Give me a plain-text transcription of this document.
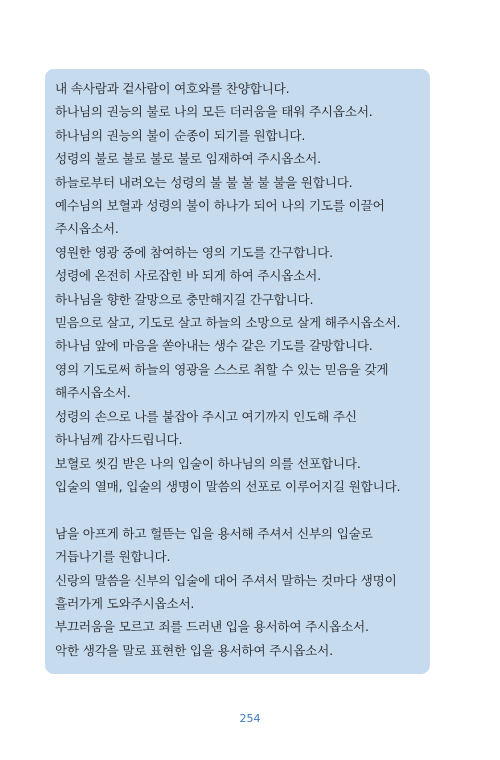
내 속사람과 겉사람이 여호와를 찬양합니다.
하나님의 권능의 불로 나의 모든 더러움을 태워 주시옵소서.
하나님의 권능의 불이 순종이 되기를 원합니다.
성령의 불로 불로 불로 불로 임재하여 주시옵소서.
하늘로부터 내려오는 성령의 불 불 불 불 불을 원합니다.
예수님의 보혈과 성령의 불이 하나가 되어 나의 기도를 이끌어
주시옵소서.
영원한 영광 중에 참여하는 영의 기도를 간구합니다.
성령에 온전히 사로잡힌 바 되게 하여 주시옵소서.
하나님을 향한 갈망으로 충만해지길 간구합니다.
믿음으로 살고, 기도로 살고 하늘의 소망으로 살게 해주시옵소서.
하나님 앞에 마음을 쏟아내는 생수 같은 기도를 갈망합니다.
영의 기도로써 하늘의 영광을 스스로 취할 수 있는 믿음을 갖게
해주시옵소서.
성령의 손으로 나를 붙잡아 주시고 여기까지 인도해 주신
하나님께 감사드립니다.
보혈로 씻김 받은 나의 입술이 하나님의 의를 선포합니다.
입술의 열매, 입술의 생명이 말씀의 선포로 이루어지길 원합니다.
남을 아프게 하고 헐뜯는 입을 용서해 주셔서 신부의 입술로
거듭나기를 원합니다.
신랑의 말씀을 신부의 입술에 대어 주셔서 말하는 것마다 생명이
흘러가게 도와주시옵소서.
부끄러움을 모르고 죄를 드러낸 입을 용서하여 주시옵소서.
악한 생각을 말로 표현한 입을 용서하여 주시옵소서.
254
